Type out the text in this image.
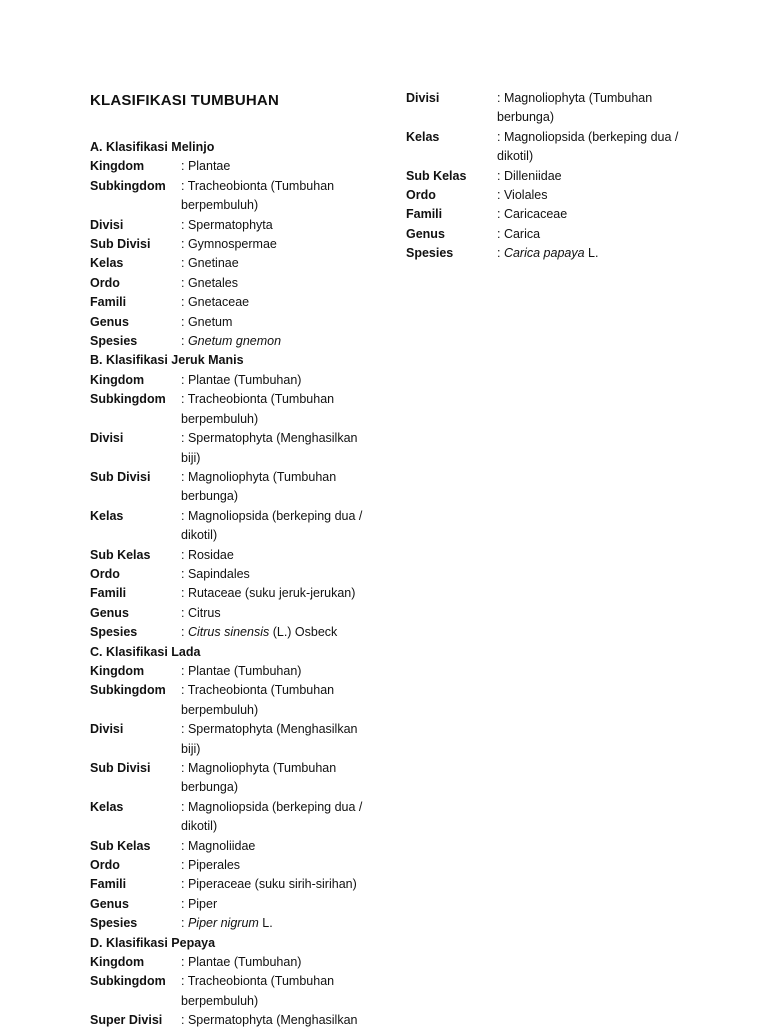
KLASIFIKASI TUMBUHAN
A. Klasifikasi Melinjo
Kingdom	: Plantae
Subkingdom	: Tracheobionta (Tumbuhan berpembuluh)
Divisi	: Spermatophyta
Sub Divisi	: Gymnospermae
Kelas	: Gnetinae
Ordo	: Gnetales
Famili	: Gnetaceae
Genus	: Gnetum
Spesies	: Gnetum gnemon
B. Klasifikasi Jeruk Manis
Kingdom	: Plantae (Tumbuhan)
Subkingdom	: Tracheobionta (Tumbuhan berpembuluh)
Divisi	: Spermatophyta (Menghasilkan biji)
Sub Divisi	: Magnoliophyta (Tumbuhan berbunga)
Kelas	: Magnoliopsida (berkeping dua / dikotil)
Sub Kelas	: Rosidae
Ordo	: Sapindales
Famili	: Rutaceae (suku jeruk-jerukan)
Genus	: Citrus
Spesies	: Citrus sinensis (L.) Osbeck
C. Klasifikasi Lada
Kingdom	: Plantae (Tumbuhan)
Subkingdom	: Tracheobionta (Tumbuhan berpembuluh)
Divisi	: Spermatophyta (Menghasilkan biji)
Sub Divisi	: Magnoliophyta (Tumbuhan berbunga)
Kelas	: Magnoliopsida (berkeping dua / dikotil)
Sub Kelas	: Magnoliidae
Ordo	: Piperales
Famili	: Piperaceae (suku sirih-sirihan)
Genus	: Piper
Spesies	: Piper nigrum L.
D. Klasifikasi Pepaya
Kingdom	: Plantae (Tumbuhan)
Subkingdom	: Tracheobionta (Tumbuhan berpembuluh)
Super Divisi	: Spermatophyta (Menghasilkan
Divisi	: Magnoliophyta (Tumbuhan berbunga)
Kelas	: Magnoliopsida (berkeping dua / dikotil)
Sub Kelas	: Dilleniidae
Ordo	: Violales
Famili	: Caricaceae
Genus	: Carica
Spesies	: Carica papaya L.
